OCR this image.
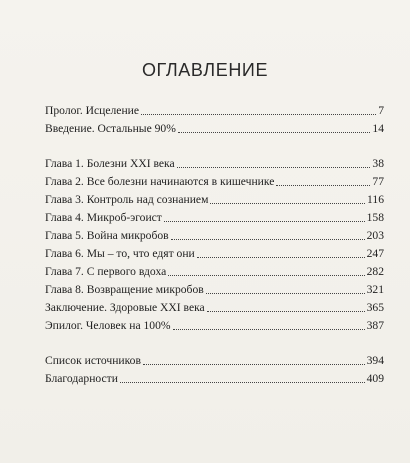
ОГЛАВЛЕНИЕ
Пролог. Исцеление	7
Введение. Остальные 90%	14
Глава 1. Болезни XXI века	38
Глава 2. Все болезни начинаются в кишечнике	77
Глава 3. Контроль над сознанием	116
Глава 4. Микроб-эгоист	158
Глава 5. Война микробов	203
Глава 6. Мы – то, что едят они	247
Глава 7. С первого вдоха	282
Глава 8. Возвращение микробов	321
Заключение. Здоровые XXI века	365
Эпилог. Человек на 100%	387
Список источников	394
Благодарности	409
